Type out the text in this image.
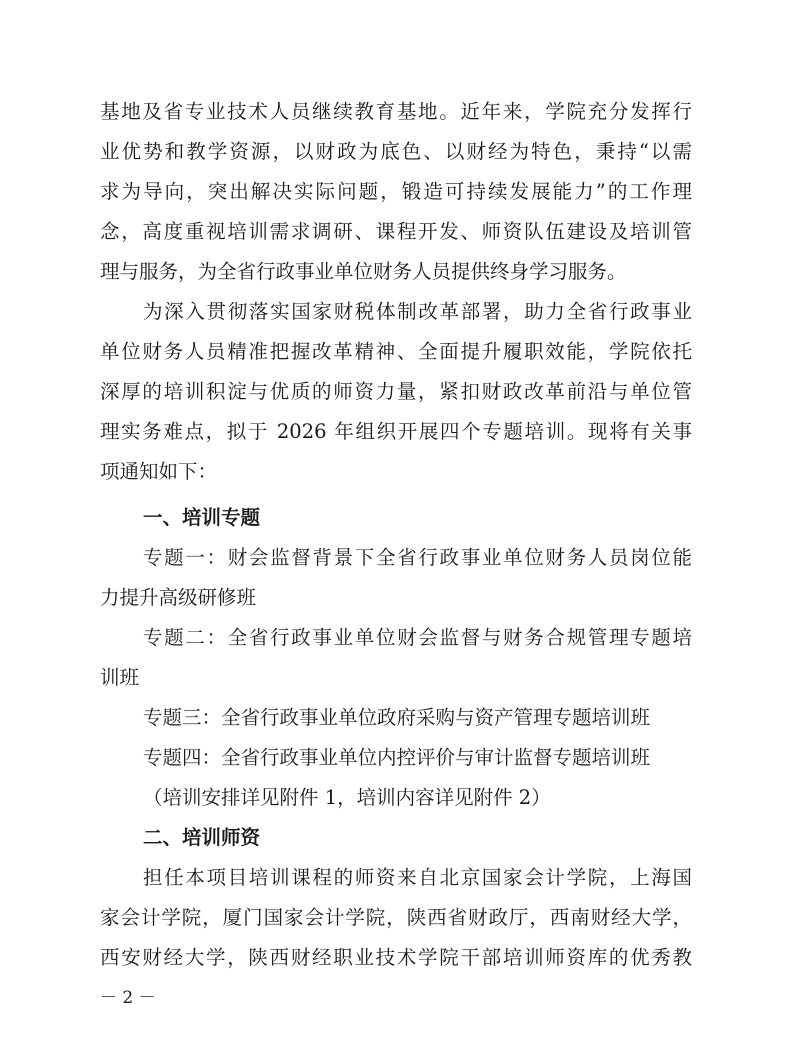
基地及省专业技术人员继续教育基地。近年来，学院充分发挥行
业优势和教学资源，以财政为底色、以财经为特色，秉持“以需
求为导向，突出解决实际问题，锻造可持续发展能力”的工作理
念，高度重视培训需求调研、课程开发、师资队伍建设及培训管
理与服务，为全省行政事业单位财务人员提供终身学习服务。
为深入贯彻落实国家财税体制改革部署，助力全省行政事业
单位财务人员精准把握改革精神、全面提升履职效能，学院依托
深厚的培训积淀与优质的师资力量，紧扣财政改革前沿与单位管
理实务难点，拟于 2026 年组织开展四个专题培训。现将有关事
项通知如下：
一、培训专题
专题一：财会监督背景下全省行政事业单位财务人员岗位能
力提升高级研修班
专题二：全省行政事业单位财会监督与财务合规管理专题培
训班
专题三：全省行政事业单位政府采购与资产管理专题培训班
专题四：全省行政事业单位内控评价与审计监督专题培训班
（培训安排详见附件 1，培训内容详见附件 2）
二、培训师资
担任本项目培训课程的师资来自北京国家会计学院，上海国
家会计学院，厦门国家会计学院，陕西省财政厅，西南财经大学，
西安财经大学，陕西财经职业技术学院干部培训师资库的优秀教
－ 2 －
